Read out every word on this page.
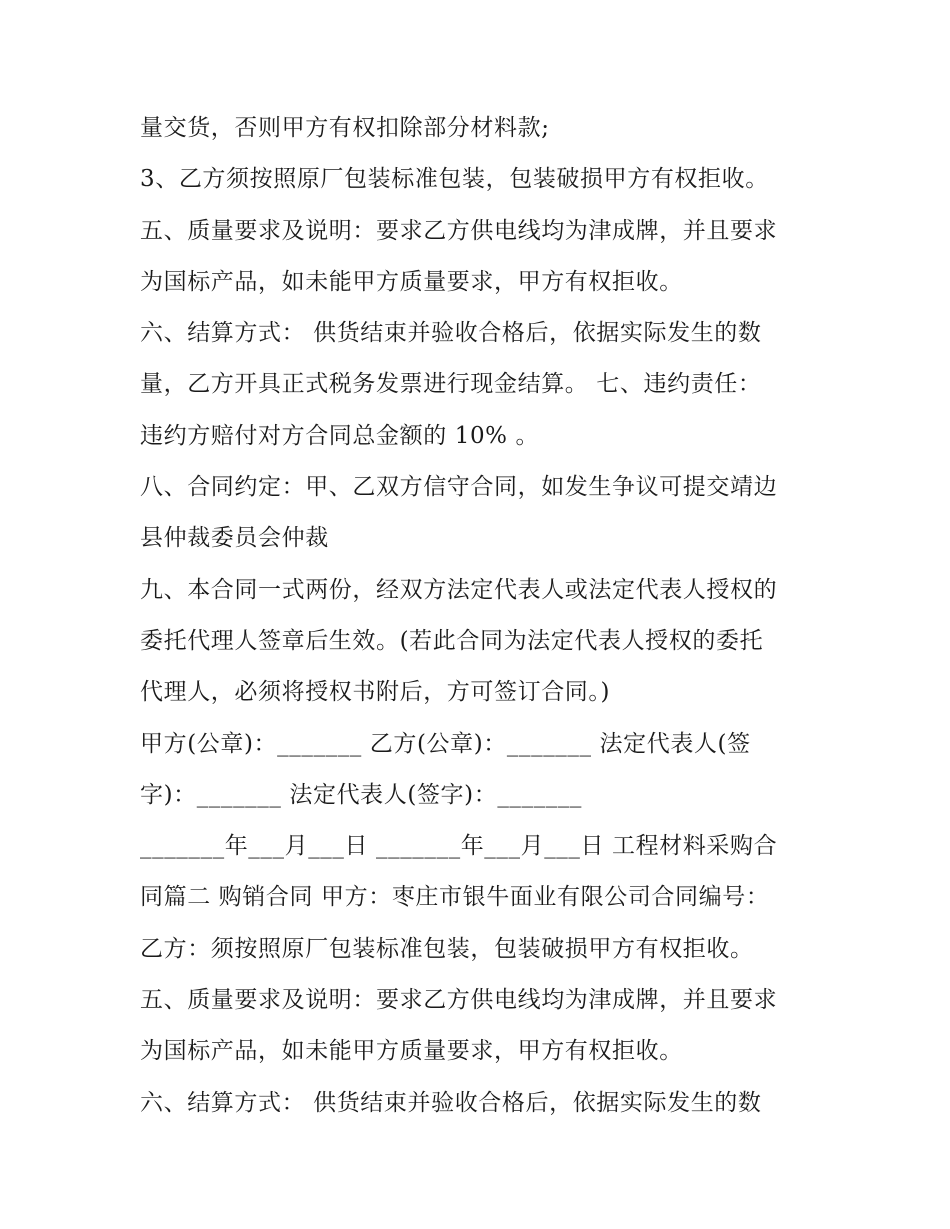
量交货，否则甲方有权扣除部分材料款;
3、乙方须按照原厂包装标准包装，包装破损甲方有权拒收。
五、质量要求及说明：要求乙方供电线均为津成牌，并且要求
为国标产品，如未能甲方质量要求，甲方有权拒收。
六、结算方式： 供货结束并验收合格后，依据实际发生的数
量，乙方开具正式税务发票进行现金结算。 七、违约责任：
违约方赔付对方合同总金额的 10% 。
八、合同约定：甲、乙双方信守合同，如发生争议可提交靖边
县仲裁委员会仲裁
九、本合同一式两份，经双方法定代表人或法定代表人授权的
委托代理人签章后生效。(若此合同为法定代表人授权的委托
代理人，必须将授权书附后，方可签订合同。)
甲方(公章)：_______ 乙方(公章)：_______ 法定代表人(签
字)：_______ 法定代表人(签字)：_______
_______年___月___日 _______年___月___日 工程材料采购合
同篇二 购销合同 甲方：枣庄市银牛面业有限公司合同编号：
乙方：须按照原厂包装标准包装，包装破损甲方有权拒收。
五、质量要求及说明：要求乙方供电线均为津成牌，并且要求
为国标产品，如未能甲方质量要求，甲方有权拒收。
六、结算方式： 供货结束并验收合格后，依据实际发生的数
